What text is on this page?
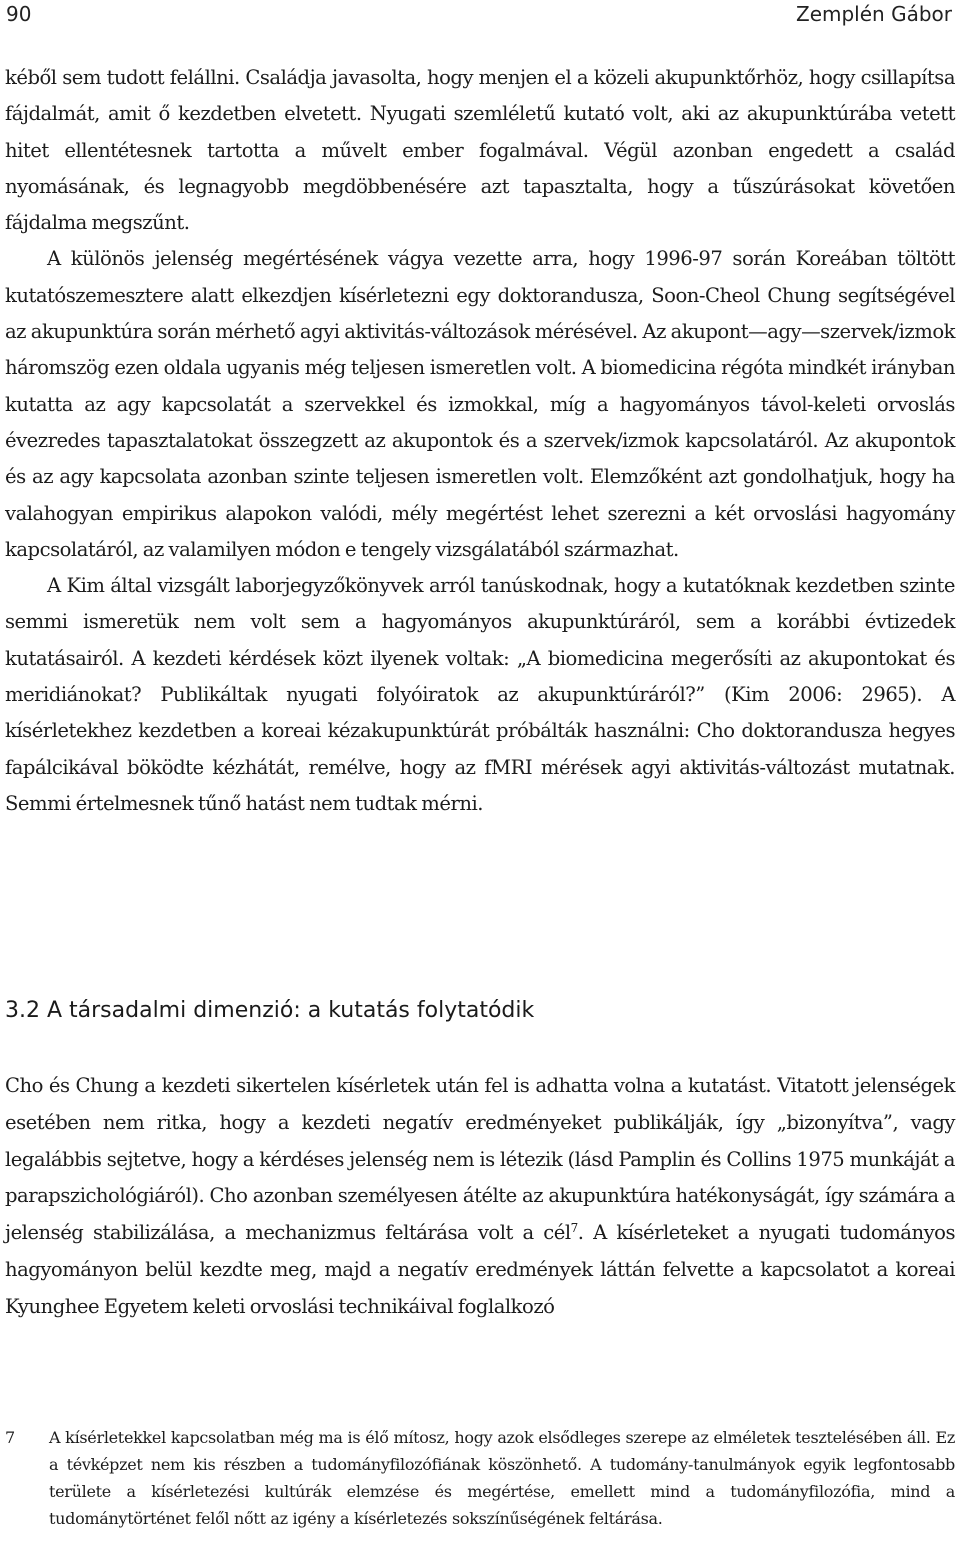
90	Zemplén Gábor

kéből sem tudott felállni. Családja javasolta, hogy menjen el a közeli akupunktőrhöz, hogy csillapítsa fájdalmát, amit ő kezdetben elvetett. Nyugati szemléletű kutató volt, aki az akupunktúrába vetett hitet ellentétesnek tartotta a művelt ember fogalmával. Végül azonban engedett a család nyomásának, és legnagyobb megdöbbenésére azt tapasztalta, hogy a tűszúrásokat követően fájdalma megszűnt.

A különös jelenség megértésének vágya vezette arra, hogy 1996-97 során Koreában töltött kutatószemesztere alatt elkezdjen kísérletezni egy doktorandusza, Soon-Cheol Chung segítségével az akupunktúra során mérhető agyi aktivitás-változások mérésével. Az akupont—agy—szervek/izmok háromszög ezen oldala ugyanis még teljesen ismeretlen volt. A biomedicina régóta mindkét irányban kutatta az agy kapcsolatát a szervekkel és izmokkal, míg a hagyományos távol-keleti orvoslás évezredes tapasztalatokat összegzett az akupontok és a szervek/izmok kapcsolatáról. Az akupontok és az agy kapcsolata azonban szinte teljesen ismeretlen volt. Elemzőként azt gondolhatjuk, hogy ha valahogyan empirikus alapokon valódi, mély megértést lehet szerezni a két orvoslási hagyomány kapcsolatáról, az valamilyen módon e tengely vizsgálatából származhat.

A Kim által vizsgált laborjegyzőkönyvek arról tanúskodnak, hogy a kutatóknak kezdetben szinte semmi ismeretük nem volt sem a hagyományos akupunktúráról, sem a korábbi évtizedek kutatásairól. A kezdeti kérdések közt ilyenek voltak: „A biomedicina megerősíti az akupontokat és meridiánokat? Publikáltak nyugati folyóiratok az akupunktúráról?” (Kim 2006: 2965). A kísérletekhez kezdetben a koreai kézakupunktúrát próbálták használni: Cho doktorandusza hegyes fapálcikával böködte kézhátát, remélve, hogy az fMRI mérések agyi aktivitás-változást mutatnak. Semmi értelmesnek tűnő hatást nem tudtak mérni.

3.2 A társadalmi dimenzió: a kutatás folytatódik

Cho és Chung a kezdeti sikertelen kísérletek után fel is adhatta volna a kutatást. Vitatott jelenségek esetében nem ritka, hogy a kezdeti negatív eredményeket publikálják, így „bizonyítva”, vagy legalábbis sejtetve, hogy a kérdéses jelenség nem is létezik (lásd Pamplin és Collins 1975 munkáját a parapszichológiáról). Cho azonban személyesen átélte az akupunktúra hatékonyságát, így számára a jelenség stabilizálása, a mechanizmus feltárása volt a cél$^7$. A kísérleteket a nyugati tudományos hagyományon belül kezdte meg, majd a negatív eredmények láttán felvette a kapcsolatot a koreai Kyunghee Egyetem keleti orvoslási technikáival foglalkozó

7 A kísérletekkel kapcsolatban még ma is élő mítosz, hogy azok elsődleges szerepe az elméletek tesztelésében áll. Ez a tévképzet nem kis részben a tudományfilozófiának köszönhető. A tudomány-tanulmányok egyik legfontosabb területe a kísérletezési kultúrák elemzése és megértése, emellett mind a tudományfilozófia, mind a tudománytörténet felől nőtt az igény a kísérletezés sokszínűségének feltárása.
